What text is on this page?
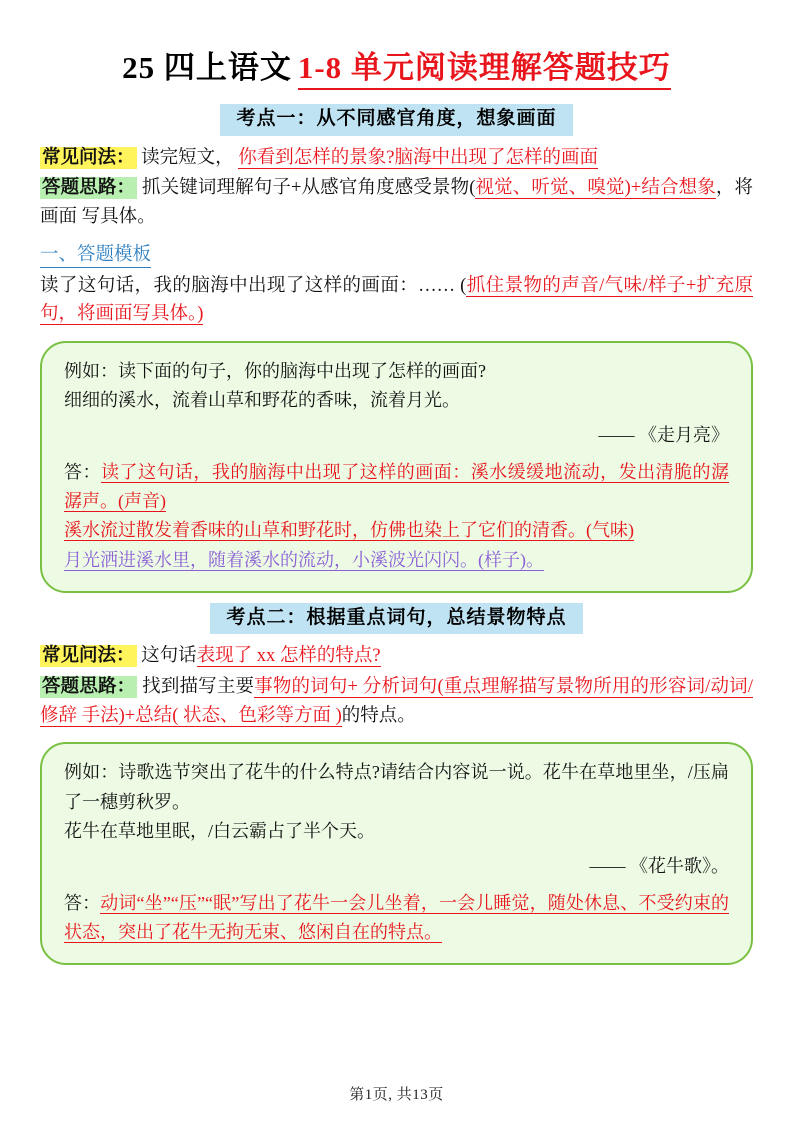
25 四上语文 1-8 单元阅读理解答题技巧
考点一：从不同感官角度，想象画面
常见问法： 读完短文， 你看到怎样的景象?脑海中出现了怎样的画面
答题思路： 抓关键词理解句子+从感官角度感受景物(视觉、听觉、嗅觉)+结合想象，将画面 写具体。
一、答题模板
读了这句话，我的脑海中出现了这样的画面：…… (抓住景物的声音/气味/样子+扩充原句，将画面写具体。)
例如：读下面的句子，你的脑海中出现了怎样的画面?
细细的溪水，流着山草和野花的香味，流着月光。
—— 《走月亮》
答：读了这句话，我的脑海中出现了这样的画面：溪水缓缓地流动，发出清脆的潺潺声。(声音)
溪水流过散发着香味的山草和野花时，仿佛也染上了它们的清香。(气味)
月光洒进溪水里，随着溪水的流动，小溪波光闪闪。(样子)。
考点二：根据重点词句，总结景物特点
常见问法： 这句话表现了 xx 怎样的特点?
答题思路： 找到描写主要事物的词句+ 分析词句(重点理解描写景物所用的形容词/动词/修辞 手法)+总结( 状态、色彩等方面 )的特点。
例如：诗歌选节突出了花牛的什么特点?请结合内容说一说。花牛在草地里坐，/压扁了一穗剪秋罗。
花牛在草地里眠，/白云霸占了半个天。
—— 《花牛歌》。
答：动词“坐”“压”“眠”写出了花牛一会儿坐着，一会儿睡觉，随处休息、不受约束的状态，突出了花牛无拘无束、悠闲自在的特点。
第1页, 共13页
